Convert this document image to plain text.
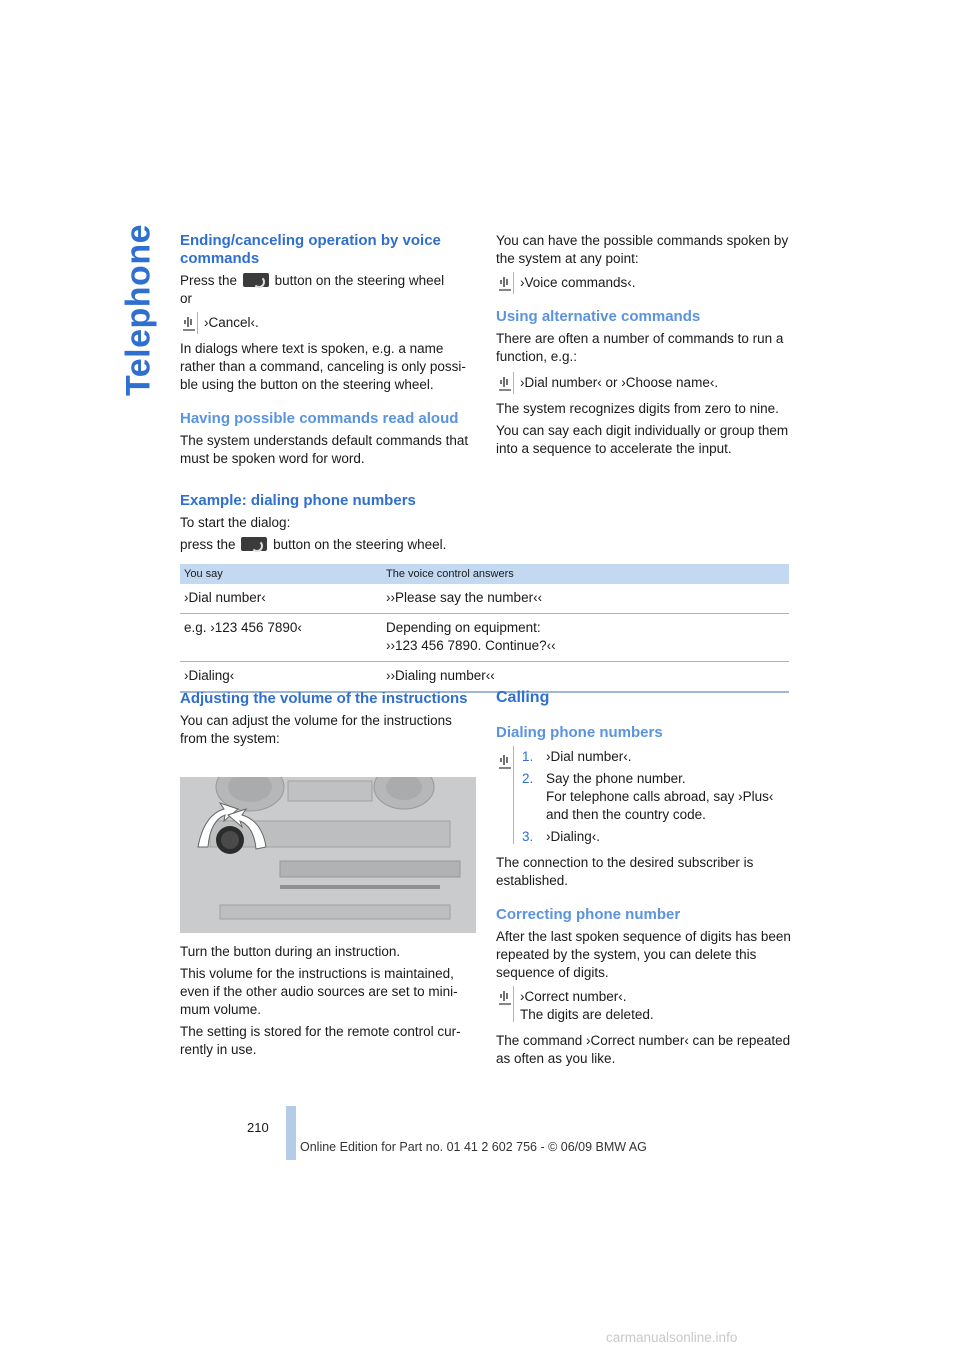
Telephone Ending/canceling operation by voice commands

Press the	button on the steering wheel

or

›Cancel‹.

In dialogs where text is spoken, e.g. a name rather than a command, canceling is only possi- ble using the button on the steering wheel.

Having possible commands read aloud

The system understands default commands that must be spoken word for word.

Example: dialing phone numbers

To start the dialog:

press the	button on the steering wheel.

You can have the possible commands spoken by the system at any point:

›Voice commands‹.
Using alternative commands

There are often a number of commands to run a function, e.g.:

›Dial number‹ or ›Choose name‹.

The system recognizes digits from zero to nine.

You can say each digit individually or group them into a sequence to accelerate the input.

You say	The voice control answers
›Dial number‹	››Please say the number‹‹
e.g. ›123 456 7890‹	Depending on equipment:
››123 456 7890. Continue?‹‹

›Dialing‹	››Dialing number‹‹
Adjusting the volume of the instructions

You can adjust the volume for the instructions from the system:

Turn the button during an instruction.

This volume for the instructions is maintained, even if the other audio sources are set to mini- mum volume.

The setting is stored for the remote control cur- rently in use.

Calling
Dialing phone numbers
1. ›Dial number‹.
2. Say the phone number.
For telephone calls abroad, say ›Plus‹ and then the country code.
3. ›Dialing‹.

The connection to the desired subscriber is established.

Correcting phone number

After the last spoken sequence of digits has been repeated by the system, you can delete this sequence of digits.

›Correct number‹.
The digits are deleted.

The command ›Correct number‹ can be repeated as often as you like.

210
Online Edition for Part no. 01 41 2 602 756 - © 06/09 BMW AG
carmanualsonline.info
